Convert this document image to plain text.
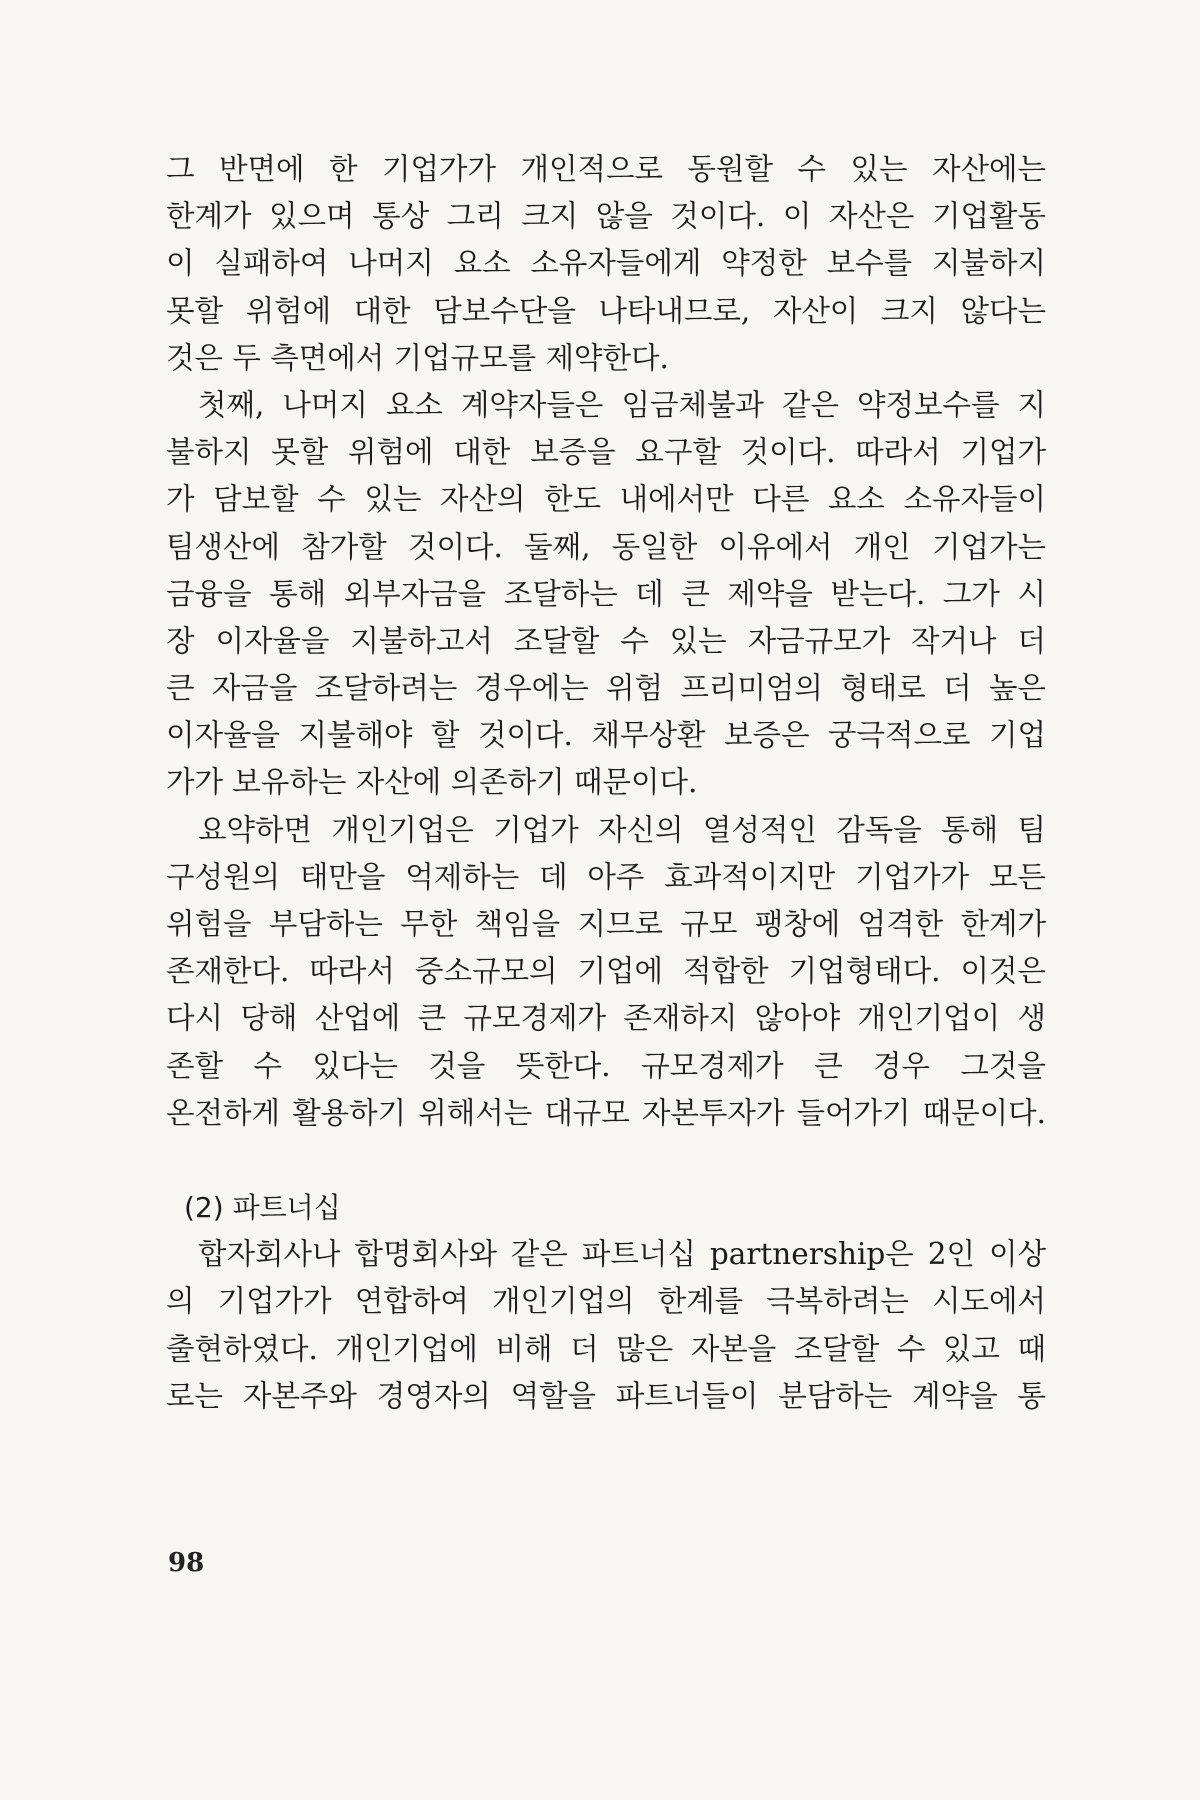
그 반면에 한 기업가가 개인적으로 동원할 수 있는 자산에는
한계가 있으며 통상 그리 크지 않을 것이다. 이 자산은 기업활동
이 실패하여 나머지 요소 소유자들에게 약정한 보수를 지불하지
못할 위험에 대한 담보수단을 나타내므로, 자산이 크지 않다는
것은 두 측면에서 기업규모를 제약한다.
첫째, 나머지 요소 계약자들은 임금체불과 같은 약정보수를 지
불하지 못할 위험에 대한 보증을 요구할 것이다. 따라서 기업가
가 담보할 수 있는 자산의 한도 내에서만 다른 요소 소유자들이
팀생산에 참가할 것이다. 둘째, 동일한 이유에서 개인 기업가는
금융을 통해 외부자금을 조달하는 데 큰 제약을 받는다. 그가 시
장 이자율을 지불하고서 조달할 수 있는 자금규모가 작거나 더
큰 자금을 조달하려는 경우에는 위험 프리미엄의 형태로 더 높은
이자율을 지불해야 할 것이다. 채무상환 보증은 궁극적으로 기업
가가 보유하는 자산에 의존하기 때문이다.
요약하면 개인기업은 기업가 자신의 열성적인 감독을 통해 팀
구성원의 태만을 억제하는 데 아주 효과적이지만 기업가가 모든
위험을 부담하는 무한 책임을 지므로 규모 팽창에 엄격한 한계가
존재한다. 따라서 중소규모의 기업에 적합한 기업형태다. 이것은
다시 당해 산업에 큰 규모경제가 존재하지 않아야 개인기업이 생
존할 수 있다는 것을 뜻한다. 규모경제가 큰 경우 그것을
온전하게 활용하기 위해서는 대규모 자본투자가 들어가기 때문이다.
(2) 파트너십
합자회사나 합명회사와 같은 파트너십 partnership은 2인 이상
의 기업가가 연합하여 개인기업의 한계를 극복하려는 시도에서
출현하였다. 개인기업에 비해 더 많은 자본을 조달할 수 있고 때
로는 자본주와 경영자의 역할을 파트너들이 분담하는 계약을 통
98
